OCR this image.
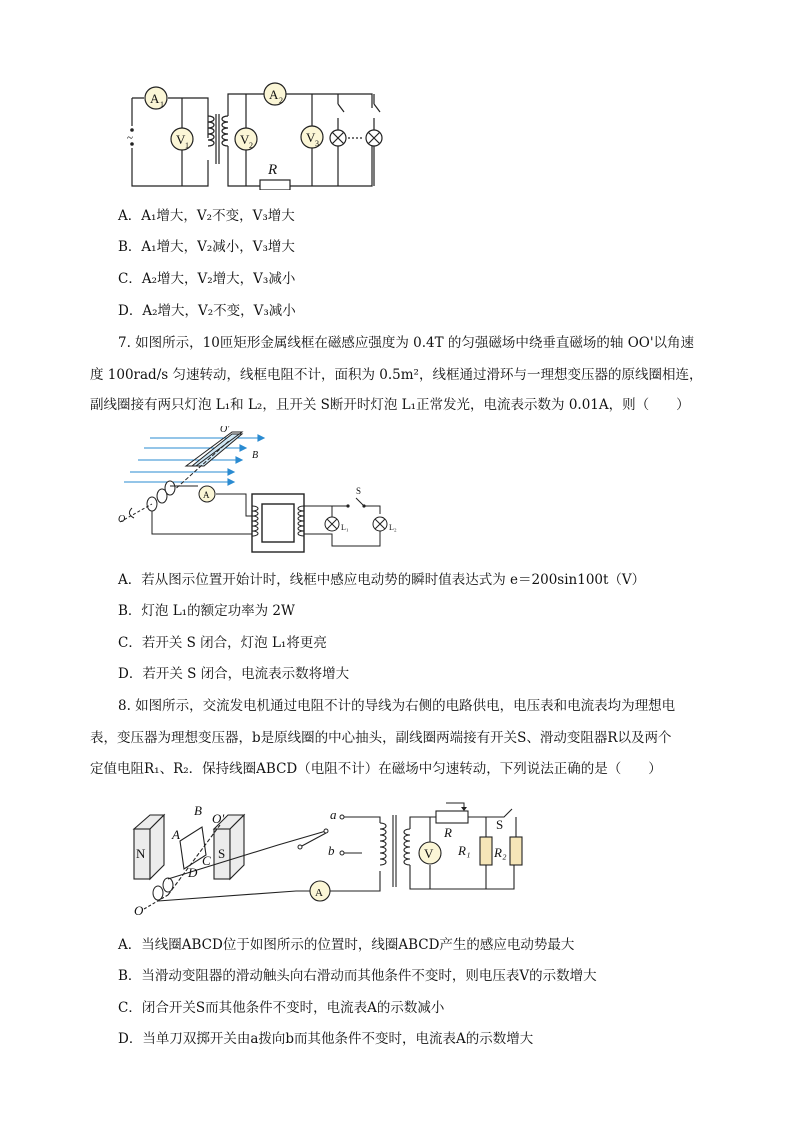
~
A 1
V 1	V 2
A 2
V 3
R
A．A₁增大，V₂不变，V₃增大
B．A₁增大，V₂减小，V₃增大
C．A₂增大，V₂增大，V₃减小
D．A₂增大，V₂不变，V₃减小
7. 如图所示，10匝矩形金属线框在磁感应强度为 0.4T 的匀强磁场中绕垂直磁场的轴 OO'以角速
度 100rad/s 匀速转动，线框电阻不计，面积为 0.5m²，线框通过滑环与一理想变压器的原线圈相连，
副线圈接有两只灯泡 L₁和 L₂，且开关 S断开时灯泡 L₁正常发光，电流表示数为 0.01A，则（　　）
O'
B
O
A	S
L₁	L₂
A．若从图示位置开始计时，线框中感应电动势的瞬时值表达式为 e＝200sin100t（V）
B．灯泡 L₁的额定功率为 2W
C．若开关 S 闭合，灯泡 L₁将更亮
D．若开关 S 闭合，电流表示数将增大
8. 如图所示，交流发电机通过电阻不计的导线为右侧的电路供电，电压表和电流表均为理想电
表，变压器为理想变压器，b是原线圈的中心抽头，副线圈两端接有开关S、滑动变阻器R以及两个
定值电阻R₁、R₂．保持线圈ABCD（电阻不计）在磁场中匀速转动，下列说法正确的是（　　）
N	S
A
B
C
D
O'
O
a
b	V
R
S
R₁ R₂
A
A．当线圈ABCD位于如图所示的位置时，线圈ABCD产生的感应电动势最大
B．当滑动变阻器的滑动触头向右滑动而其他条件不变时，则电压表V的示数增大
C．闭合开关S而其他条件不变时，电流表A的示数减小
D．当单刀双掷开关由a拨向b而其他条件不变时，电流表A的示数增大
